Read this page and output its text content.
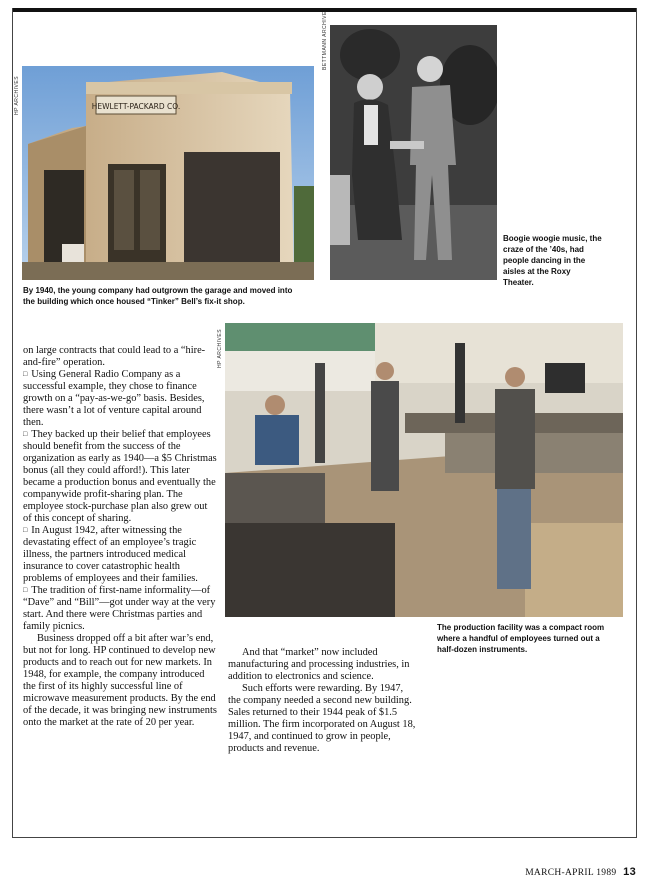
HP ARCHIVES	HEWLETT-PACKARD CO.
By 1940, the young company had outgrown the garage and moved into the building which once housed “Tinker” Bell’s fix-it shop.
BETTMANN ARCHIVE
Boogie woogie music, the craze of the ’40s, had people dancing in the aisles at the Roxy Theater.
HP ARCHIVES
The production facility was a compact room where a handful of employees turned out a half-dozen instruments.

on large contracts that could lead to a “hire-and-fire” operation.

□ Using General Radio Company as a successful example, they chose to finance growth on a “pay-as-we-go” basis. Besides, there wasn’t a lot of venture capital around then.

□ They backed up their belief that employees should benefit from the success of the organization as early as 1940—a $5 Christmas bonus (all they could afford!). This later became a production bonus and eventually the companywide profit-sharing plan. The employee stock-purchase plan also grew out of this concept of sharing.

□ In August 1942, after witnessing the devastating effect of an employee’s tragic illness, the partners introduced medical insurance to cover catastrophic health problems of employees and their families.

□ The tradition of first-name informality—of “Dave” and “Bill”—got under way at the very start. And there were Christmas parties and family picnics.

Business dropped off a bit after war’s end, but not for long. HP continued to develop new products and to reach out for new markets. In 1948, for example, the company introduced the first of its highly successful line of microwave measurement products. By the end of the decade, it was bringing new instruments onto the market at the rate of 20 per year.

And that “market” now included manufacturing and processing industries, in addition to electronics and science.

Such efforts were rewarding. By 1947, the company needed a second new building. Sales returned to their 1944 peak of $1.5 million. The firm incorporated on August 18, 1947, and continued to grow in people, products and revenue.

MARCH-APRIL 1989 13
